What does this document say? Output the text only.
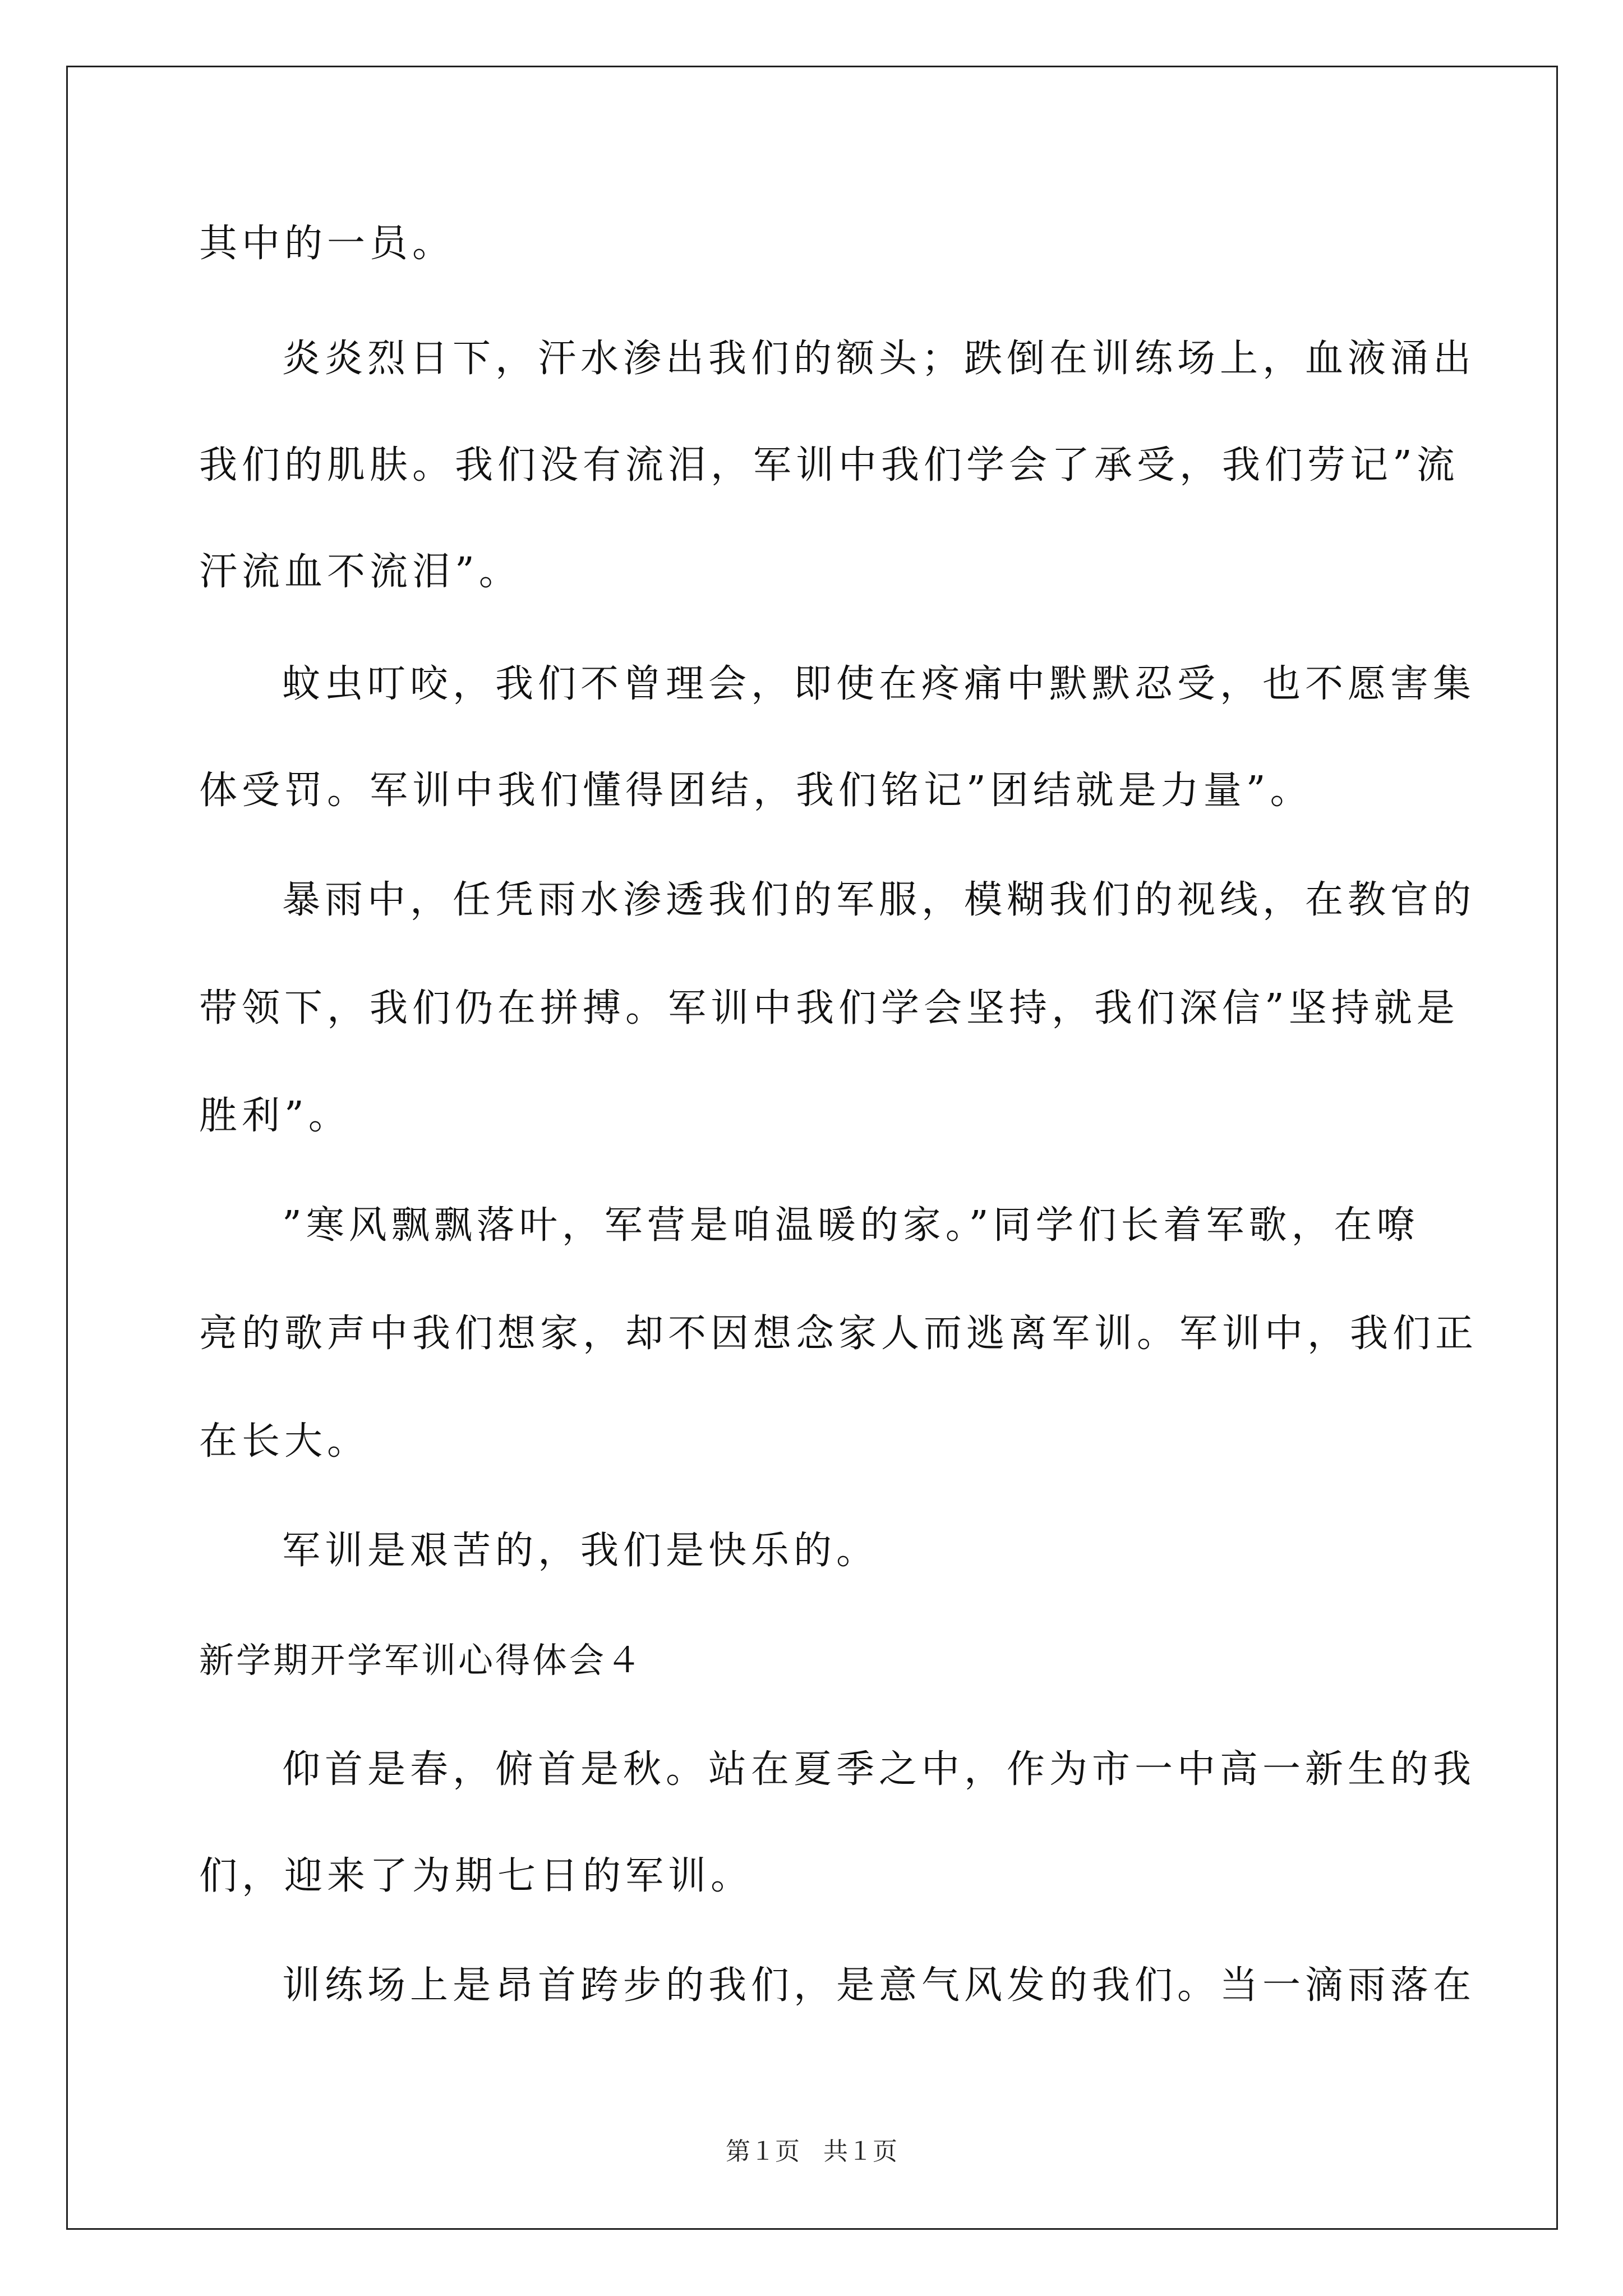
其中的一员。
炎炎烈日下，汗水渗出我们的额头；跌倒在训练场上，血液涌出
我们的肌肤。我们没有流泪，军训中我们学会了承受，我们劳记”流
汗流血不流泪”。
蚊虫叮咬，我们不曾理会，即使在疼痛中默默忍受，也不愿害集
体受罚。军训中我们懂得团结，我们铭记”团结就是力量”。
暴雨中，任凭雨水渗透我们的军服，模糊我们的视线，在教官的
带领下，我们仍在拼搏。军训中我们学会坚持，我们深信”坚持就是
胜利”。
”寒风飘飘落叶，军营是咱温暖的家。”同学们长着军歌，在嘹
亮的歌声中我们想家，却不因想念家人而逃离军训。军训中，我们正
在长大。
军训是艰苦的，我们是快乐的。
新学期开学军训心得体会４
仰首是春，俯首是秋。站在夏季之中，作为市一中高一新生的我
们，迎来了为期七日的军训。
训练场上是昂首跨步的我们，是意气风发的我们。当一滴雨落在
第１页 共１页
